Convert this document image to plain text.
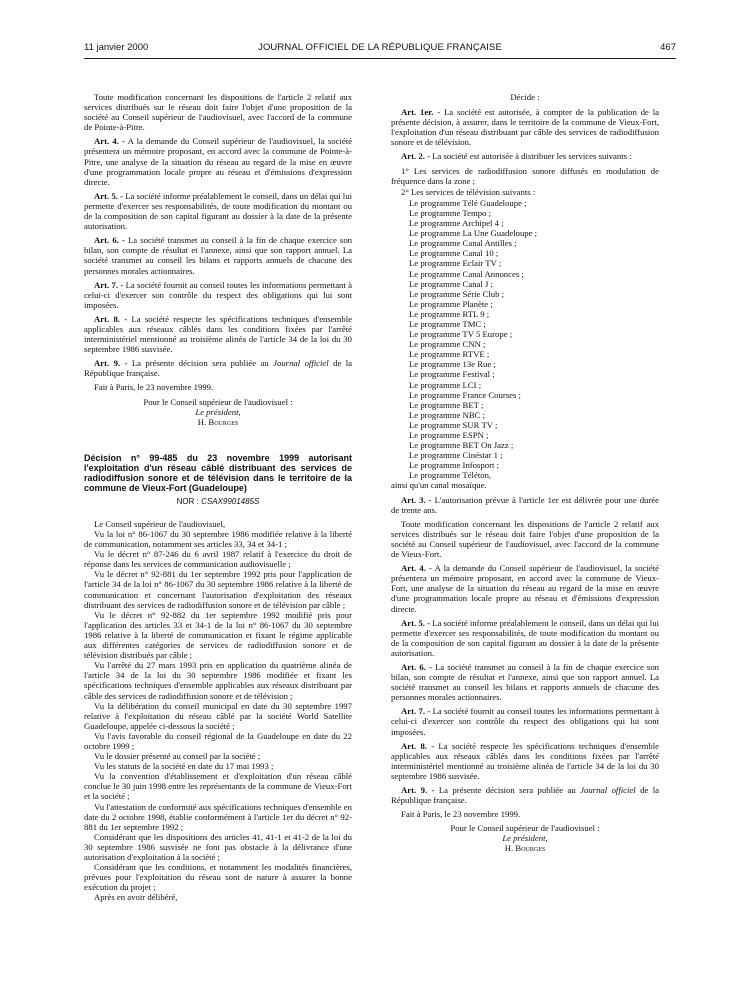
11 janvier 2000	JOURNAL OFFICIEL DE LA RÉPUBLIQUE FRANÇAISE	467

Toute modification concernant les dispositions de l'article 2 relatif aux services distribués sur le réseau doit faire l'objet d'une proposition de la société au Conseil supérieur de l'audiovisuel, avec l'accord de la commune de Pointe-à-Pitre.

Art. 4. - A la demande du Conseil supérieur de l'audiovisuel, la société présentera un mémoire proposant, en accord avec la commune de Pointe-à-Pitre, une analyse de la situation du réseau au regard de la mise en œuvre d'une programmation locale propre au réseau et d'émissions d'expression directe.

Art. 5. - La société informe préalablement le conseil, dans un délai qui lui permette d'exercer ses responsabilités, de toute modification du montant ou de la composition de son capital figurant au dossier à la date de la présente autorisation.

Art. 6. - La société transmet au conseil à la fin de chaque exercice son bilan, son compte de résultat et l'annexe, ainsi que son rapport annuel. La société transmet au conseil les bilans et rapports annuels de chacune des personnes morales actionnaires.

Art. 7. - La société fournit au conseil toutes les informations permettant à celui-ci d'exercer son contrôle du respect des obligations qui lui sont imposées.

Art. 8. - La société respecte les spécifications techniques d'ensemble applicables aux réseaux câblés dans les conditions fixées par l'arrêté interministériel mentionné au troisième alinéa de l'article 34 de la loi du 30 septembre 1986 susvisée.

Art. 9. - La présente décision sera publiée au Journal officiel de la République française.

Fait à Paris, le 23 novembre 1999.

Pour le Conseil supérieur de l'audiovisuel :

Le président,

H. Bourges

Décision n° 99-485 du 23 novembre 1999 autorisant l'exploitation d'un réseau câblé distribuant des services de radiodiffusion sonore et de télévision dans le territoire de la commune de Vieux-Fort (Guadeloupe)

NOR : CSAX9901485S

Le Conseil supérieur de l'audiovisuel,

Vu la loi n° 86-1067 du 30 septembre 1986 modifiée relative à la liberté de communication, notamment ses articles 33, 34 et 34-1 ;

Vu le décret n° 87-246 du 6 avril 1987 relatif à l'exercice du droit de réponse dans les services de communication audiovisuelle ;

Vu le décret n° 92-881 du 1er septembre 1992 pris pour l'application de l'article 34 de la loi n° 86-1067 du 30 septembre 1986 relative à la liberté de communication et concernant l'autorisation d'exploitation des réseaux distribuant des services de radiodiffusion sonore et de télévision par câble ;

Vu le décret n° 92-882 du 1er septembre 1992 modifié pris pour l'application des articles 33 et 34-1 de la loi n° 86-1067 du 30 septembre 1986 relative à la liberté de communication et fixant le régime applicable aux différentes catégories de services de radiodiffusion sonore et de télévision distribués par câble ;

Vu l'arrêté du 27 mars 1993 pris en application du quatrième alinéa de l'article 34 de la loi du 30 septembre 1986 modifiée et fixant les spécifications techniques d'ensemble applicables aux réseaux distribuant par câble des services de radiodiffusion sonore et de télévision ;

Vu la délibération du conseil municipal en date du 30 septembre 1997 relative à l'exploitation du réseau câblé par la société World Satellite Guadeloupe, appelée ci-dessous la société ;

Vu l'avis favorable du conseil régional de la Guadeloupe en date du 22 octobre 1999 ;

Vu le dossier présenté au conseil par la société ;

Vu les statuts de la société en date du 17 mai 1993 ;

Vu la convention d'établissement et d'exploitation d'un réseau câblé conclue le 30 juin 1998 entre les représentants de la commune de Vieux-Fort et la société ;

Vu l'attestation de conformité aux spécifications techniques d'ensemble en date du 2 octobre 1998, établie conformément à l'article 1er du décret n° 92-881 du 1er septembre 1992 ;

Considérant que les dispositions des articles 41, 41-1 et 41-2 de la loi du 30 septembre 1986 susvisée ne font pas obstacle à la délivrance d'une autorisation d'exploitation à la société ;

Considérant que les conditions, et notamment les modalités financières, prévues pour l'exploitation du réseau sont de nature à assurer la bonne exécution du projet ;

Après en avoir délibéré,

Décide :

Art. 1er. - La société est autorisée, à compter de la publication de la présente décision, à assurer, dans le territoire de la commune de Vieux-Fort, l'exploitation d'un réseau distribuant par câble des services de radiodiffusion sonore et de télévision.

Art. 2. - La société est autorisée à distribuer les services suivants :

1° Les services de radiodiffusion sonore diffusés en modulation de fréquence dans la zone ;

2° Les services de télévision suivants :

Le programme Télé Guadeloupe ;
Le programme Tempo ;
Le programme Archipel 4 ;
Le programme La Une Guadeloupe ;
Le programme Canal Antilles ;
Le programme Canal 10 ;
Le programme Eclair TV ;
Le programme Canal Annonces ;
Le programme Canal J ;
Le programme Série Club ;
Le programme Planète ;
Le programme RTL 9 ;
Le programme TMC ;
Le programme TV 5 Europe ;
Le programme CNN ;
Le programme RTVE ;
Le programme 13e Rue ;
Le programme Festival ;
Le programme LCI ;
Le programme France Courses ;
Le programme BET ;
Le programme NBC ;
Le programme SUR TV ;
Le programme ESPN ;
Le programme BET On Jazz ;
Le programme Cinéstar 1 ;
Le programme Infosport ;
Le programme Téléton,

ainsi qu'un canal mosaïque.

Art. 3. - L'autorisation prévue à l'article 1er est délivrée pour une durée de trente ans.

Toute modification concernant les dispositions de l'article 2 relatif aux services distribués sur le réseau doit faire l'objet d'une proposition de la société au Conseil supérieur de l'audiovisuel, avec l'accord de la commune de Vieux-Fort.

Art. 4. - A la demande du Conseil supérieur de l'audiovisuel, la société présentera un mémoire proposant, en accord avec la commune de Vieux-Fort, une analyse de la situation du réseau au regard de la mise en œuvre d'une programmation locale propre au réseau et d'émissions d'expression directe.

Art. 5. - La société informe préalablement le conseil, dans un délai qui lui permette d'exercer ses responsabilités, de toute modification du montant ou de la composition de son capital figurant au dossier à la date de la présente autorisation.

Art. 6. - La société transmet au conseil à la fin de chaque exercice son bilan, son compte de résultat et l'annexe, ainsi que son rapport annuel. La société transmet au conseil les bilans et rapports annuels de chacune des personnes morales actionnaires.

Art. 7. - La société fournit au conseil toutes les informations permettant à celui-ci d'exercer son contrôle du respect des obligations qui lui sont imposées.

Art. 8. - La société respecte les spécifications techniques d'ensemble applicables aux réseaux câblés dans les conditions fixées par l'arrêté interministériel mentionné au troisième alinéa de l'article 34 de la loi du 30 septembre 1986 susvisée.

Art. 9. - La présente décision sera publiée au Journal officiel de la République française.

Fait à Paris, le 23 novembre 1999.

Pour le Conseil supérieur de l'audiovisuel :

Le président,

H. Bourges
